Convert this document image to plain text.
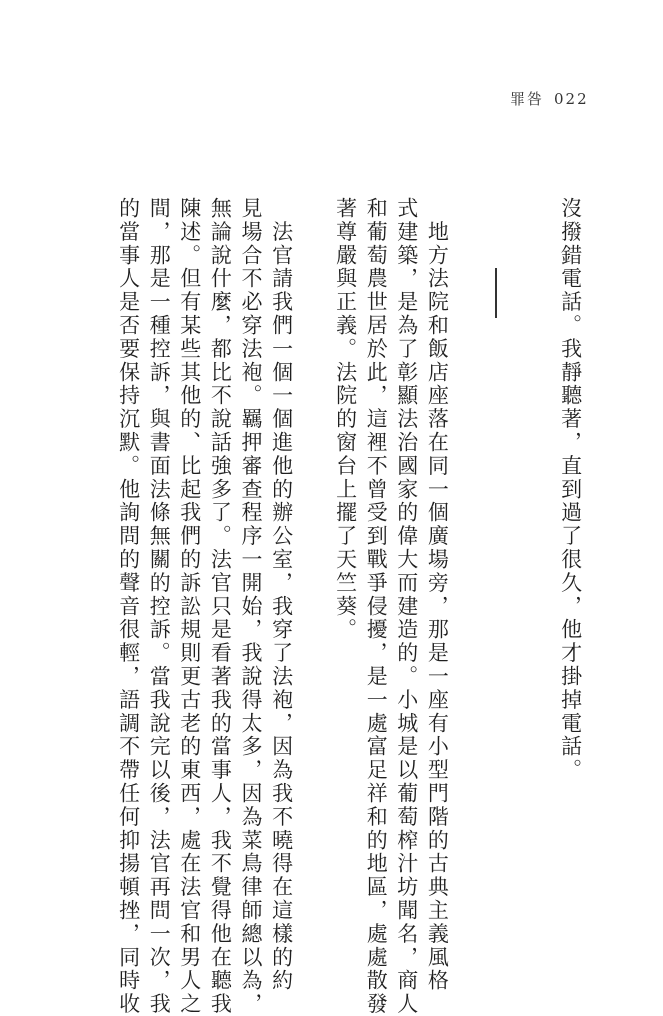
罪咎 022
沒撥錯電話。我靜聽著，直到過了很久，他才掛掉電話。
　地方法院和飯店座落在同一個廣場旁，那是一座有小型門階的古典主義風格
式建築，是為了彰顯法治國家的偉大而建造的。小城是以葡萄榨汁坊聞名，商人
和葡萄農世居於此，這裡不曾受到戰爭侵擾，是一處富足祥和的地區，處處散發
著尊嚴與正義。法院的窗台上擺了天竺葵。
　法官請我們一個一個進他的辦公室，我穿了法袍，因為我不曉得在這樣的約
見場合不必穿法袍。羈押審查程序一開始，我說得太多，因為菜鳥律師總以為，
無論說什麼，都比不說話強多了。法官只是看著我的當事人，我不覺得他在聽我
陳述。但有某些其他的、比起我們的訴訟規則更古老的東西，處在法官和男人之
間，那是一種控訴，與書面法條無關的控訴。當我說完以後，法官再問一次，我
的當事人是否要保持沉默。他詢問的聲音很輕，語調不帶任何抑揚頓挫，同時收
